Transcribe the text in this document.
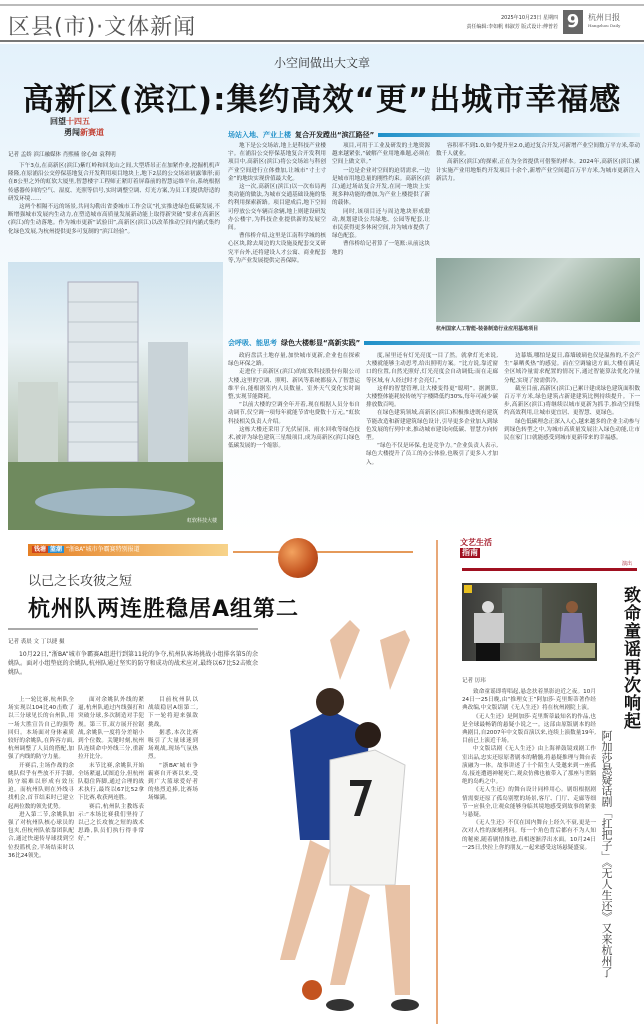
区县(市)·文体新闻	2025年10月23日 星期四
责任编辑:李如帆 韩淑芳 版式设计:傅普若 9	杭州日报
Hangzhou Daily
小空间做出大文章
高新区(滨江):集约高效“更”出城市幸福感
回望十四五
勇闯新赛道
记者 孟娇 滨江融媒体 肖熙楠 徐心如 袁利明

下午3点,在高新区(滨江)紫红岭和回龙山之间,大型塔吊正在加紧作业,挖掘机机声隆隆,在原浦沿公交停保基地复合开发利用项目地块上,地下2层的公交场站初露雏形;而在8公里之外的虹软大厦里,智慧楼宇工程师正紧盯着屏幕前的智慧运维平台,系统根据传感器传回的空气、湿度、光照等信号,实时调整空调、灯光方案,为员工们提供舒适的研发环境……

这两个相隔不远的场景,共同勾勒出省委城市工作会议“扎实推进绿色低碳发展,不断增强城市发展内生动力,在塑造城市高质量发展新动能上取得新突破”要求在高新区(滨江)的生动落地。作为城市更新“试验田”,高新区(滨江)以改革推动空间内涵式集约化绿色发展,为杭州提供更多可复制的“滨江经验”。

虹软科技大楼
场站入地、产业上楼 复合开发蹚出“滨江路径”

地下是公交场站,地上是科技产业楼宇。在浦沿公交停保基地复合开发利用项目中,高新区(滨江)将公交场站与科创产业空间进行立体叠加,让城市“寸土寸金”的地块实现价值最大化。

这一次,高新区(滨江)以一次布局两类功能的做法,为城市交通基础设施的集约利用探索新路。项目建成后,地下空间可停放公交车辆百余辆,地上则建设研发办公楼宇,为科技企业提供新的发展空间。

曹伟桥介绍,这里是江南科学城的核心区块,除去周边的大设施及配套交叉研究平台外,还将建设人才公寓、商业配套等,为产业发展提供完善保障。

项目,可用于工业及研发的土地资源越来越紧张,“破解产业用地难题,必须在空间上做文章。”

一边是企业对空间的迫切需求,一边是城市用地总量的刚性约束。高新区(滨江)通过场站复合开发,在同一地块上实现多种功能的叠加,为产业上楼提供了新的载体。

同时,该项目还与周边地块形成联动,规划建设公共绿地、公园等配套,让市民获得更多休闲空间,并为城市提供了绿色配套。

曹伟桥给记者算了一笔账:从前这块地的

容积率不到1.0,如今提升至2.0,通过复合开发,可新增产业空间数万平方米,带动数千人就业。

高新区(滨江)的探索,正在为全省提供可借鉴的样本。2024年,高新区(滨江)累计实施产业用地集约开发项目十余个,新增产业空间超百万平方米,为城市更新注入新活力。

杭州国家人工智能-装备制造行业应用基地项目
会呼吸、能思考 绿色大楼彰显“高新实践”

政府盘活土地存量,加快城市更新,企业也在探索绿色环保之路。

走进位于高新区(滨江)的虹软科技股份有限公司大楼,这里的空调、照明、新风等系统都接入了智慧运维平台,能根据室内人员数量、室外天气变化实时调整,实现节能降耗。

“以前大楼的空调全年开着,现在根据人员分布自动调节,仅空调一项每年就能节省电费数十万元。”虹软科技相关负责人介绍。

这栋大楼还采用了光伏屋顶、雨水回收等绿色技术,被评为绿色建筑三星级项目,成为高新区(滨江)绿色低碳发展的一个缩影。

度,屋里还有灯光亮度一目了然。就拿灯光来说,大楼就能够主动思考,给出照明方案。“比方说,靠近窗口的位置,自然光照好,灯光亮度会自动调低;而在走廊等区域,有人经过时才会亮灯。”

这样的智慧管理,让大楼变得更“聪明”。据测算,大楼整体能耗较传统写字楼降低约30%,每年可减少碳排放数百吨。

在绿色建筑领域,高新区(滨江)积极推进既有建筑节能改造和新建建筑绿色设计,引导更多企业加入到绿色发展的行列中来,推动城市建设向低碳、智慧方向转型。

“绿色不仅是环保,也是竞争力。”企业负责人表示,绿色大楼提升了员工的办公体验,也吸引了更多人才加入。

边幕墙,哪怕是夏日,幕墙玻璃也仅是温热的,不会产生“暴晒炙热”的感觉。而在空调输送方面,大楼在满足全区域冷量需求配置的情况下,通过智能算法优化冷量分配,实现了按需供冷。

截至目前,高新区(滨江)已累计建成绿色建筑面积数百万平方米,绿色建筑占新建建筑比例持续提升。下一步,高新区(滨江)将继续以城市更新为抓手,推动空间集约高效利用,让城市更宜居、更智慧、更绿色。

绿色低碳理念正深入人心,越来越多的企业主动参与到绿色转型之中,为城市高质量发展注入绿色动能,让市民在家门口就能感受到城市更新带来的幸福感。

钱塘 篮潮 “浙BA”城市争霸赛特别报道
以己之长攻彼之短
杭州队两连胜稳居A组第二
记者 裘晨 文 丁以捷 摄

10月22日,“浙BA”城市争霸赛A组进行到第11轮的争夺,杭州队客场挑战小组排名第5的余姚队。面对小组垫底的余姚队,杭州队通过坚实的防守和成功的战术应对,最终以67比52击败余姚队。

上一轮比赛,杭州队全场实现以104比40击败了以三分球见长的台州队,用一场大胜宣告自己的强势回归。本场面对身体素质较好的余姚队,在阵容方面,杭州调整了人员的搭配,加强了内线的防守力量。

开赛后,主场作战的余姚队似乎有些放不开手脚,防守端难以形成有效压迫。而杭州队则在外线寻找机会,首节结束时已建立起两位数的领先优势。

进入第二节,余姚队加强了对杭州队核心球员的包夹,但杭州队依靠团队配合,通过快速传导球找到空位投篮机会,半场结束时以36比24领先。

面对余姚队外线的紧逼,杭州队通过内线强打和突破分球,多次制造对手犯规。第三节,双方展开拉锯战,余姚队一度将分差缩小到个位数。关键时刻,杭州队连续命中外线三分,重新拉开比分。

末节比赛,余姚队开始全场紧逼,试图追分,但杭州队稳住阵脚,通过合理的战术执行,最终以67比52拿下比赛,收获两连胜。

赛后,杭州队主教练表示:“本场比赛我们坚持了以己之长攻彼之短的战术思路,队员们执行得非常好。”

目前杭州队以战绩稳居A组第二,下一轮将迎来强敌挑战。

据悉,本次比赛吸引了大量球迷到场观战,现场气氛热烈。

“浙BA”城市争霸赛自开赛以来,受到广大篮球爱好者的热烈追捧,比赛场场爆满。

文艺生活
指南
演出
致命童谣再次响起
阿加莎悬疑话剧「扛把子」《无人生还》又来杭州了
记者 厉玮

致命童谣即将唱起,悬念扶着黑影迫近之夜。10月24日一25日晚,由“推理女王”阿加莎·克里斯蒂著作经典改编,中文版话剧《无人生还》将在杭州剧院上演。

《无人生还》是阿加莎·克里斯蒂最知名的作品,也是全球最畅销的悬疑小说之一。这部由原版剧本的经典剧目,自2007年中文版首演以来,连续上演数量19年,目前已上演近千场。

中文版话剧《无人生还》由上海禅鼓镜戏剧工作室出品,忠实还原原著剧本的精髓,将悬疑推理与舞台表演融为一体。故事讲述了十个陌生人受邀来到一座孤岛,接连遭遇神秘死亡,观众仿佛也被带入了那座与世隔绝的岛屿之中。

《无人生还》的舞台设计同样用心。剧组根据剧情需要还原了孤岛别墅的场景,客厅、门厅、走廊等细节一应俱全,让观众能够身临其境地感受到故事的紧张与悬疑。

《无人生还》不仅在国内舞台上经久不衰,更是一次对人性的深刻拷问。每一个角色背后都有不为人知的秘密,随着剧情推进,真相逐渐浮出水面。10月24日一25日,快拉上你的朋友,一起来感受这场悬疑盛宴。
